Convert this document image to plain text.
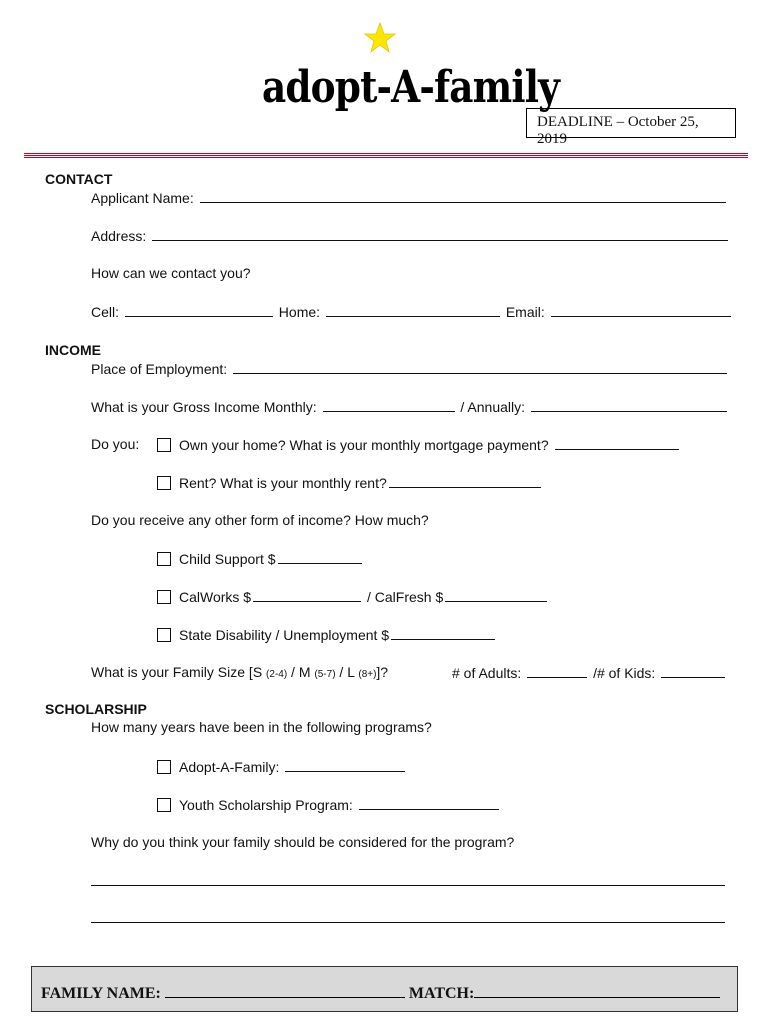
adopt-A-family
DEADLINE – October 25, 2019
CONTACT
Applicant Name:
Address:
How can we contact you?
Cell:	Home:	Email:
INCOME
Place of Employment:
What is your Gross Income Monthly:	/ Annually:
Do you:	Own your home? What is your monthly mortgage payment?
Rent? What is your monthly rent?
Do you receive any other form of income? How much?
Child Support $
CalWorks $	/ CalFresh $
State Disability / Unemployment $
What is your Family Size [S (2-4) / M (5-7) / L (8+)]?	# of Adults:	/# of Kids:
SCHOLARSHIP
How many years have been in the following programs?
Adopt-A-Family:
Youth Scholarship Program:
Why do you think your family should be considered for the program?
FAMILY NAME:	MATCH:
